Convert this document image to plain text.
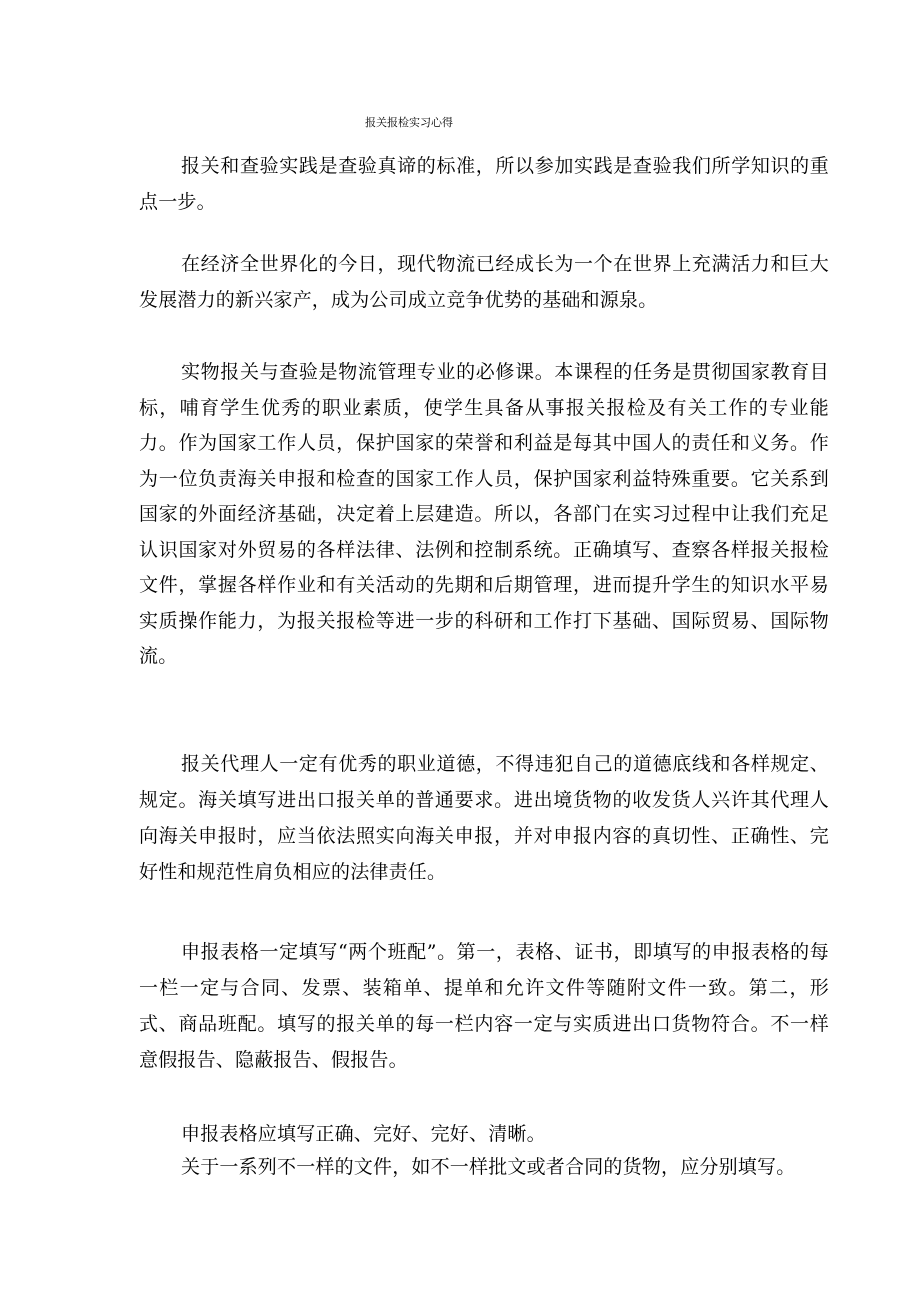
报关报检实习心得

报关和查验实践是查验真谛的标准，所以参加实践是查验我们所学知识的重点一步。

在经济全世界化的今日，现代物流已经成长为一个在世界上充满活力和巨大发展潜力的新兴家产，成为公司成立竞争优势的基础和源泉。

实物报关与查验是物流管理专业的必修课。本课程的任务是贯彻国家教育目标，哺育学生优秀的职业素质，使学生具备从事报关报检及有关工作的专业能力。作为国家工作人员，保护国家的荣誉和利益是每其中国人的责任和义务。作为一位负责海关申报和检查的国家工作人员，保护国家利益特殊重要。它关系到国家的外面经济基础，决定着上层建造。所以，各部门在实习过程中让我们充足认识国家对外贸易的各样法律、法例和控制系统。正确填写、查察各样报关报检文件，掌握各样作业和有关活动的先期和后期管理，进而提升学生的知识水平易实质操作能力，为报关报检等进一步的科研和工作打下基础、国际贸易、国际物流。

报关代理人一定有优秀的职业道德，不得违犯自己的道德底线和各样规定、规定。海关填写进出口报关单的普通要求。进出境货物的收发货人兴许其代理人向海关申报时，应当依法照实向海关申报，并对申报内容的真切性、正确性、完好性和规范性肩负相应的法律责任。

申报表格一定填写“两个班配”。第一，表格、证书，即填写的申报表格的每一栏一定与合同、发票、装箱单、提单和允许文件等随附文件一致。第二，形式、商品班配。填写的报关单的每一栏内容一定与实质进出口货物符合。不一样意假报告、隐蔽报告、假报告。

申报表格应填写正确、完好、完好、清晰。

关于一系列不一样的文件，如不一样批文或者合同的货物，应分别填写。
